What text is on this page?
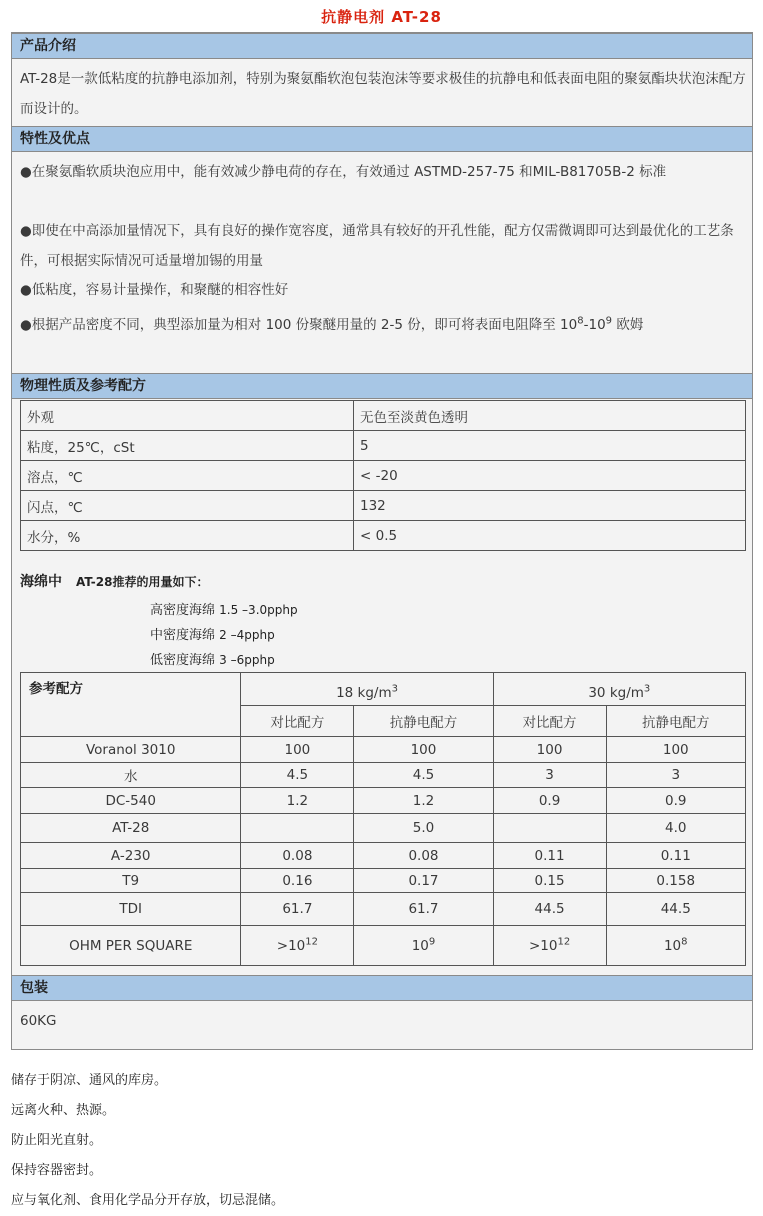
抗静电剂 AT-28
产品介绍
AT-28是一款低粘度的抗静电添加剂，特别为聚氨酯软泡包装泡沫等要求极佳的抗静电和低表面电阻的聚氨酯块状泡沫配方而设计的。
特性及优点
●在聚氨酯软质块泡应用中，能有效减少静电荷的存在，有效通过 ASTMD-257-75 和MIL-B81705B-2 标准
●即使在中高添加量情况下，具有良好的操作宽容度，通常具有较好的开孔性能，配方仅需微调即可达到最优化的工艺条件，可根据实际情况可适量增加锡的用量
●低粘度，容易计量操作，和聚醚的相容性好
●根据产品密度不同，典型添加量为相对 100 份聚醚用量的 2-5 份，即可将表面电阻降至 $10^8-10^9$ 欧姆
物理性质及参考配方
外观	无色至淡黄色透明
粘度，25℃，cSt	5
溶点，℃	< -20
闪点，℃	132
水分，%	< 0.5
海绵中 AT-28推荐的用量如下：
高密度海绵 1.5 –3.0pphp
中密度海绵 2 –4pphp
低密度海绵 3 –6pphp
参考配方	18 $kg/m^3$		30 $kg/m^3$
	对比配方	抗静电配方	对比配方	抗静电配方
Voranol 3010	100	100	100	100
水	4.5	4.5	3	3
DC-540	1.2	1.2	0.9	0.9
AT-28		5.0		4.0
A-230	0.08	0.08	0.11	0.11
T9	0.16	0.17	0.15	0.158
TDI	61.7	61.7	44.5	44.5
OHM PER SQUARE	$>10^{12}$	$10^9$	$>10^{12}$	$10^8$
包装
60KG
储存于阴凉、通风的库房。
远离火种、热源。
防止阳光直射。
保持容器密封。
应与氧化剂、食用化学品分开存放，切忌混储。
